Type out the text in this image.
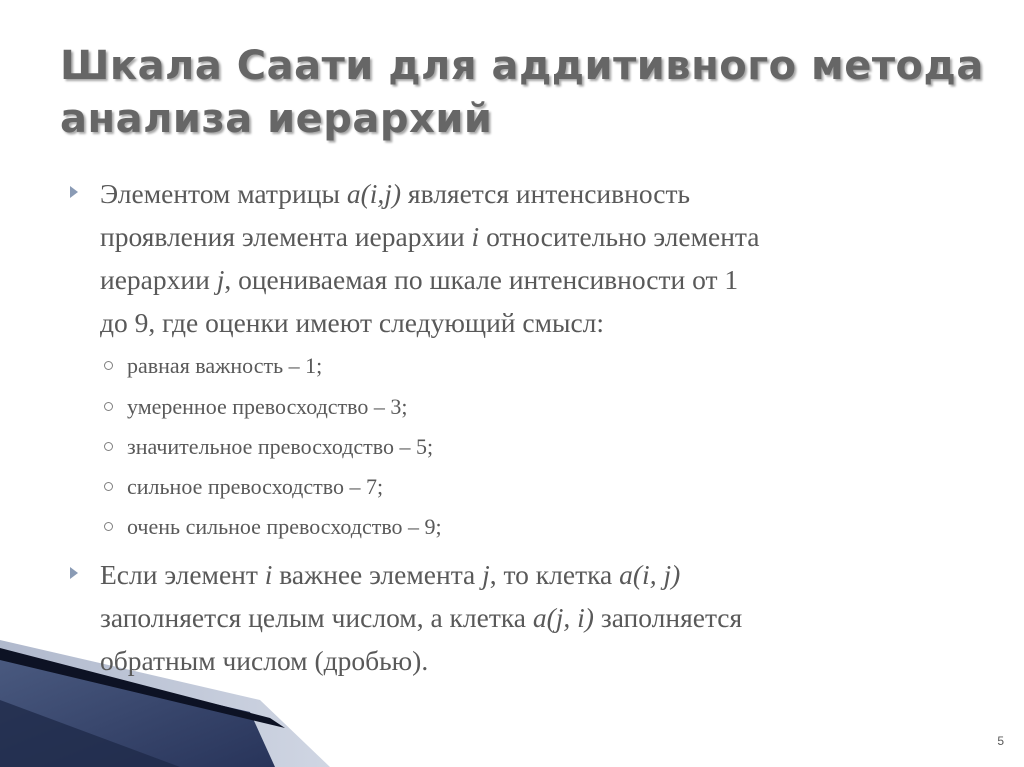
Шкала Саати для аддитивного метода
анализа иерархий
Элементом матрицы a(i,j) является интенсивность
проявления элемента иерархии i относительно элемента
иерархии j, оцениваемая по шкале интенсивности от 1
до 9, где оценки имеют следующий смысл:
равная важность – 1;
умеренное превосходство – 3;
значительное превосходство – 5;
сильное превосходство – 7;
очень сильное превосходство – 9;
Если элемент i важнее элемента j, то клетка a(i, j)
заполняется целым числом, а клетка a(j, i) заполняется
обратным числом (дробью).
5
